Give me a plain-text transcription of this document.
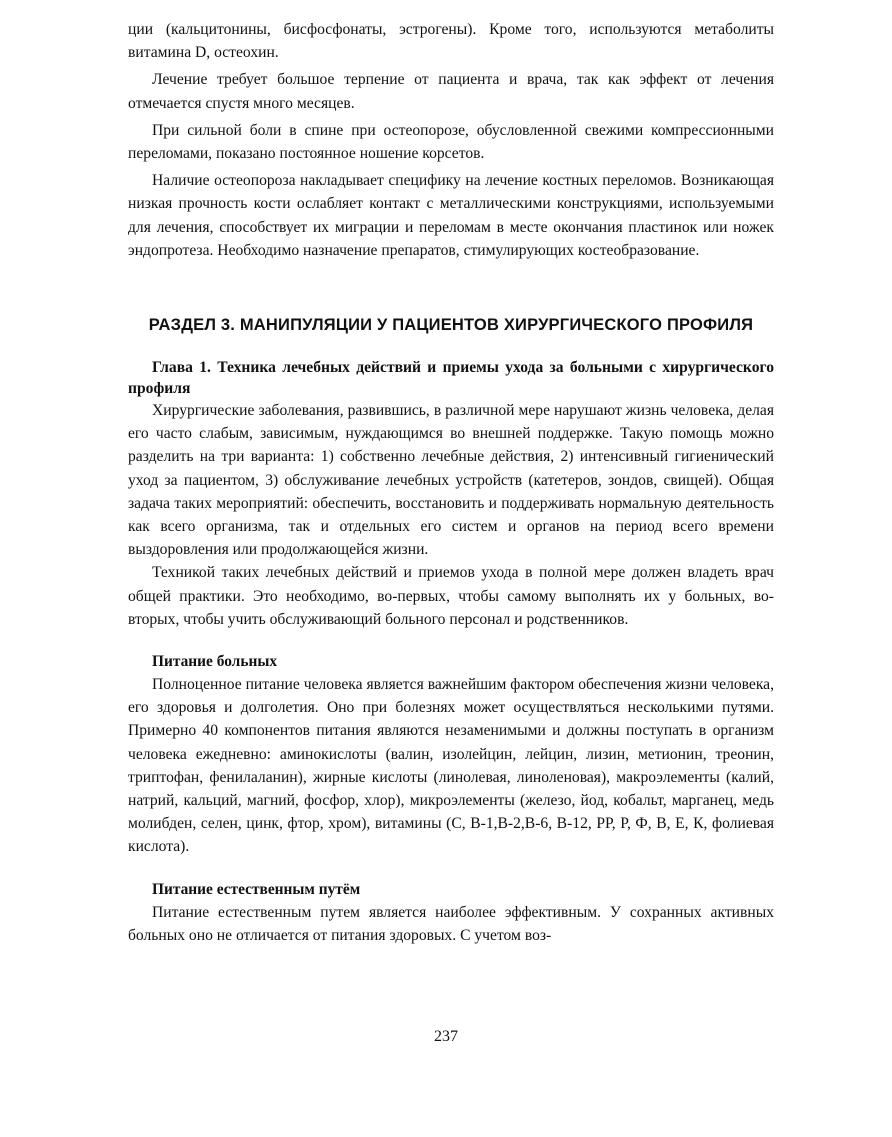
ции (кальцитонины, бисфосфонаты, эстрогены). Кроме того, используются метаболиты витамина D, остеохин.

Лечение требует большое терпение от пациента и врача, так как эффект от лечения отмечается спустя много месяцев.

При сильной боли в спине при остеопорозе, обусловленной свежими компрессионными переломами, показано постоянное ношение корсетов.

Наличие остеопороза накладывает специфику на лечение костных переломов. Возникающая низкая прочность кости ослабляет контакт с металлическими конструкциями, используемыми для лечения, способствует их миграции и переломам в месте окончания пластинок или ножек эндопротеза. Необходимо назначение препаратов, стимулирующих костеобразование.

РАЗДЕЛ 3. МАНИПУЛЯЦИИ У ПАЦИЕНТОВ ХИРУРГИЧЕСКОГО ПРОФИЛЯ
Глава 1. Техника лечебных действий и приемы ухода за больными с хирургического профиля

Хирургические заболевания, развившись, в различной мере нарушают жизнь человека, делая его часто слабым, зависимым, нуждающимся во внешней поддержке. Такую помощь можно разделить на три варианта: 1) собственно лечебные действия, 2) интенсивный гигиенический уход за пациентом, 3) обслуживание лечебных устройств (катетеров, зондов, свищей). Общая задача таких мероприятий: обеспечить, восстановить и поддерживать нормальную деятельность как всего организма, так и отдельных его систем и органов на период всего времени выздоровления или продолжающейся жизни.

Техникой таких лечебных действий и приемов ухода в полной мере должен владеть врач общей практики. Это необходимо, во-первых, чтобы самому выполнять их у больных, во-вторых, чтобы учить обслуживающий больного персонал и родственников.

Питание больных

Полноценное питание человека является важнейшим фактором обеспечения жизни человека, его здоровья и долголетия. Оно при болезнях может осуществляться несколькими путями. Примерно 40 компонентов питания являются незаменимыми и должны поступать в организм человека ежедневно: аминокислоты (валин, изолейцин, лейцин, лизин, метионин, треонин, триптофан, фенилаланин), жирные кислоты (линолевая, линоленовая), макроэлементы (калий, натрий, кальций, магний, фосфор, хлор), микроэлементы (железо, йод, кобальт, марганец, медь молибден, селен, цинк, фтор, хром), витамины (С, В-1,В-2,В-6, В-12, РР, Р, Ф, В, Е, К, фолиевая кислота).

Питание естественным путём

Питание естественным путем является наиболее эффективным. У сохранных активных больных оно не отличается от питания здоровых. С учетом воз-

237
